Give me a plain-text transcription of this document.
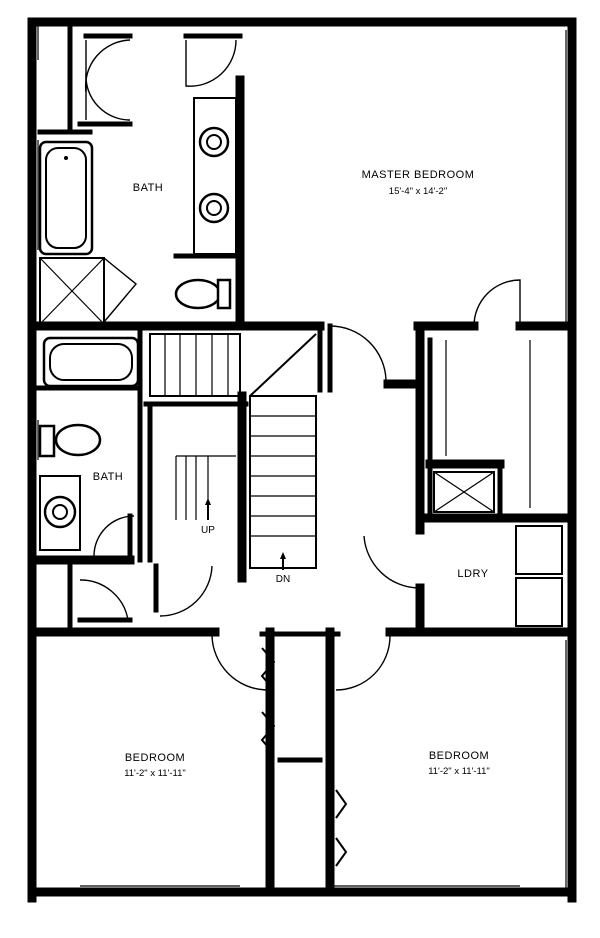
MASTER BEDROOM
15'-4" x 14'-2"
BATH
BATH
LDRY
BEDROOM
11'-2" x 11'-11"
BEDROOM
11'-2" x 11'-11"
UP
DN
